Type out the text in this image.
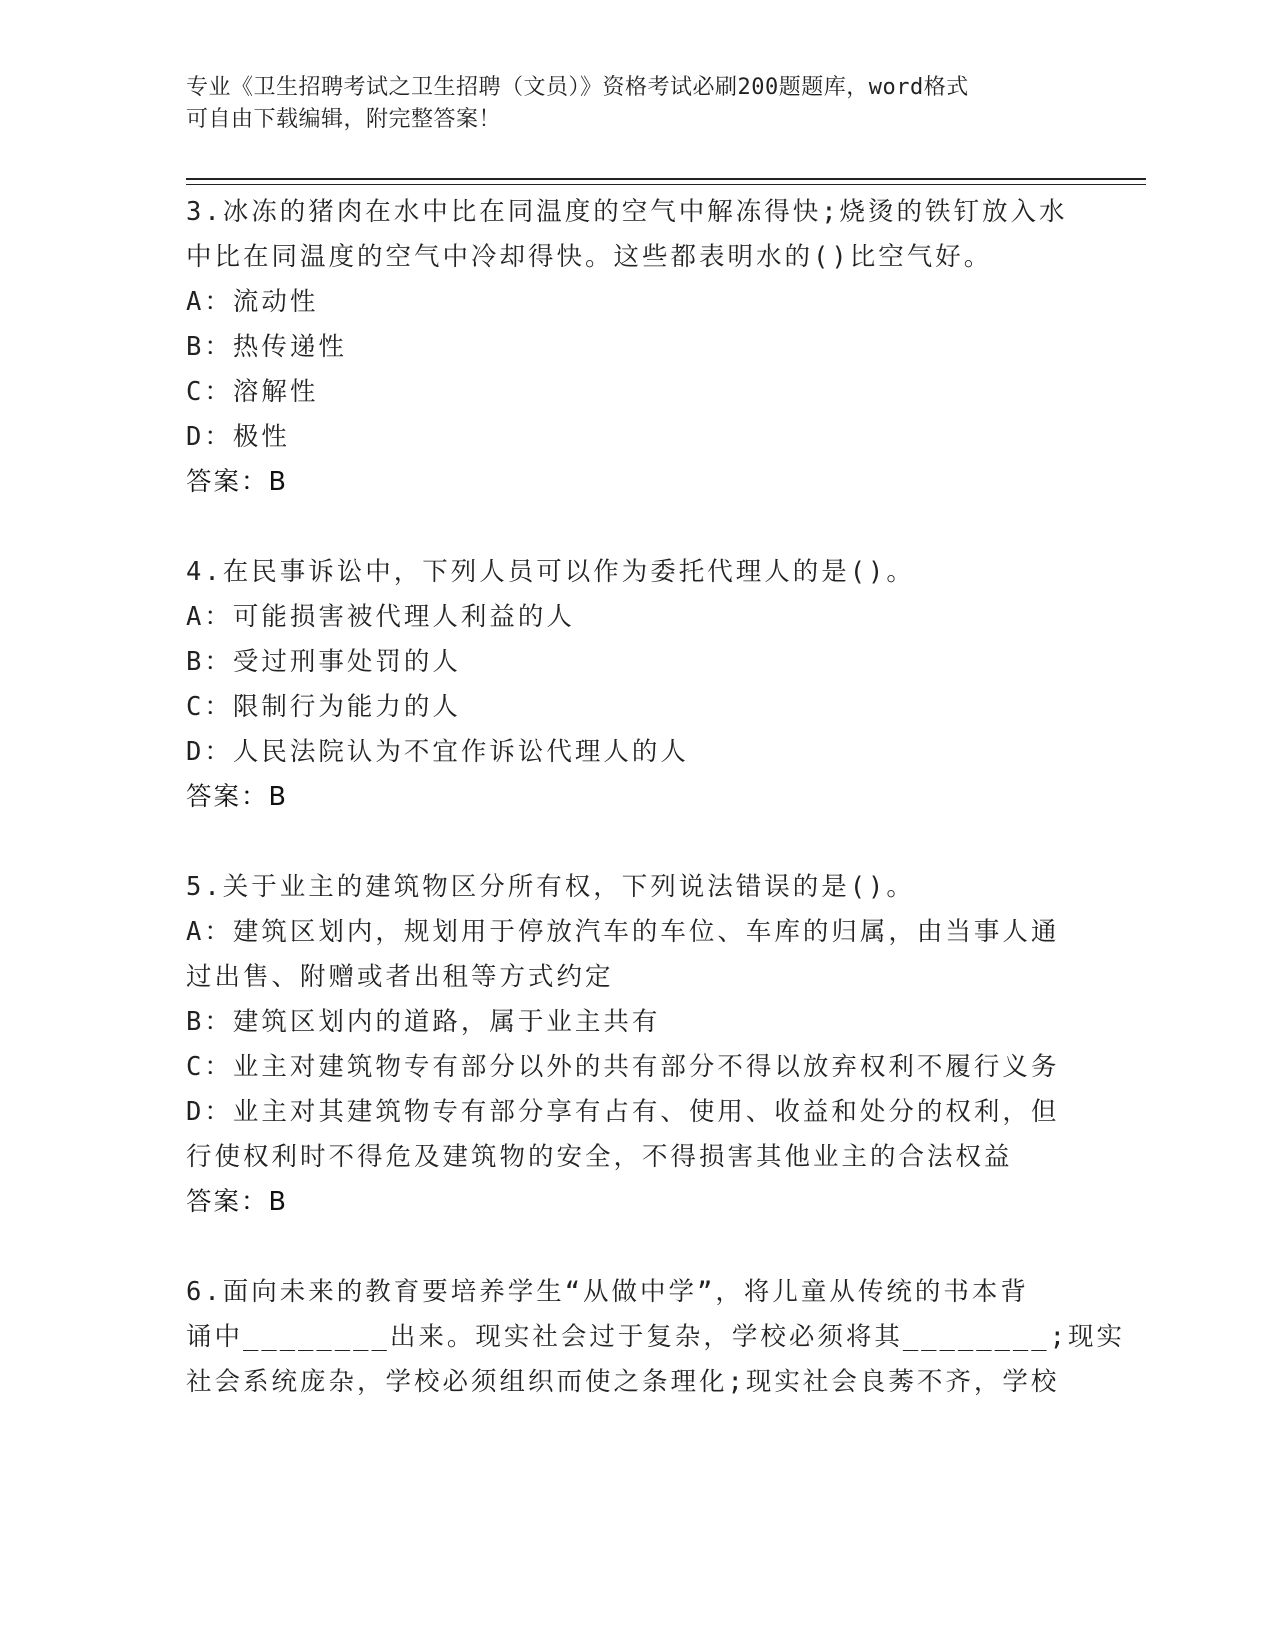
专业《卫生招聘考试之卫生招聘（文员）》资格考试必刷200题题库，word格式
可自由下载编辑，附完整答案！
3.冰冻的猪肉在水中比在同温度的空气中解冻得快;烧烫的铁钉放入水
中比在同温度的空气中冷却得快。这些都表明水的()比空气好。
A：流动性
B：热传递性
C：溶解性
D：极性
答案：B
4.在民事诉讼中，下列人员可以作为委托代理人的是()。
A：可能损害被代理人利益的人
B：受过刑事处罚的人
C：限制行为能力的人
D：人民法院认为不宜作诉讼代理人的人
答案：B
5.关于业主的建筑物区分所有权，下列说法错误的是()。
A：建筑区划内，规划用于停放汽车的车位、车库的归属，由当事人通
过出售、附赠或者出租等方式约定
B：建筑区划内的道路，属于业主共有
C：业主对建筑物专有部分以外的共有部分不得以放弃权利不履行义务
D：业主对其建筑物专有部分享有占有、使用、收益和处分的权利，但
行使权利时不得危及建筑物的安全，不得损害其他业主的合法权益
答案：B
6.面向未来的教育要培养学生“从做中学”，将儿童从传统的书本背
诵中________出来。现实社会过于复杂，学校必须将其________;现实
社会系统庞杂，学校必须组织而使之条理化;现实社会良莠不齐，学校
